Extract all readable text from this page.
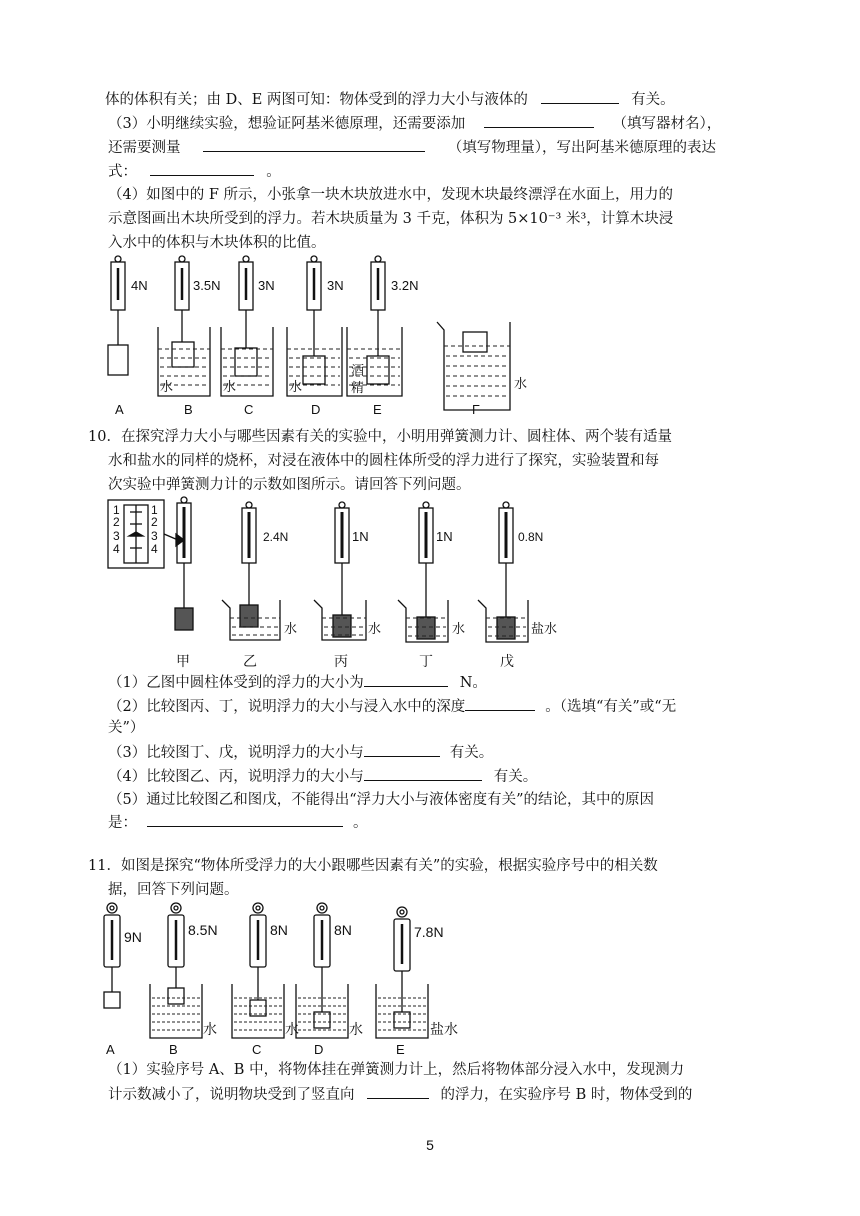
体的体积有关；由 D、E 两图可知：物体受到的浮力大小与液体的	有关。
（3）小明继续实验，想验证阿基米德原理，还需要添加	（填写器材名），
还需要测量	（填写物理量），写出阿基米德原理的表达
式：	。
（4）如图中的 F 所示，小张拿一块木块放进水中，发现木块最终漂浮在水面上，用力的
示意图画出木块所受到的浮力。若木块质量为 3 千克，体积为 5×10⁻³ 米³，计算木块浸
入水中的体积与木块体积的比值。
4N	3.5N	3N	3N	3.2N
水	水	水
酒
精	水
A	B	C	D	E	F
10．在探究浮力大小与哪些因素有关的实验中，小明用弹簧测力计、圆柱体、两个装有适量
水和盐水的同样的烧杯，对浸在液体中的圆柱体所受的浮力进行了探究，实验装置和每
次实验中弹簧测力计的示数如图所示。请回答下列问题。
1
2
3
4
1
2
3
4
2.4N	1N	1N	0.8N
水	水	水	盐水
甲	乙	丙	丁	戊
（1）乙图中圆柱体受到的浮力的大小为	N。
（2）比较图丙、丁，说明浮力的大小与浸入水中的深度	。（选填“有关”或“无
关”）
（3）比较图丁、戊，说明浮力的大小与	有关。
（4）比较图乙、丙，说明浮力的大小与	有关。
（5）通过比较图乙和图戊，不能得出“浮力大小与液体密度有关”的结论，其中的原因
是：	。
11．如图是探究“物体所受浮力的大小跟哪些因素有关”的实验，根据实验序号中的相关数
据，回答下列问题。
9N	8.5N	8N	8N	7.8N
水	水	水	盐水
A	B	C	D	E
（1）实验序号 A、B 中，将物体挂在弹簧测力计上，然后将物体部分浸入水中，发现测力
计示数减小了，说明物块受到了竖直向	的浮力，在实验序号 B 时，物体受到的
5
